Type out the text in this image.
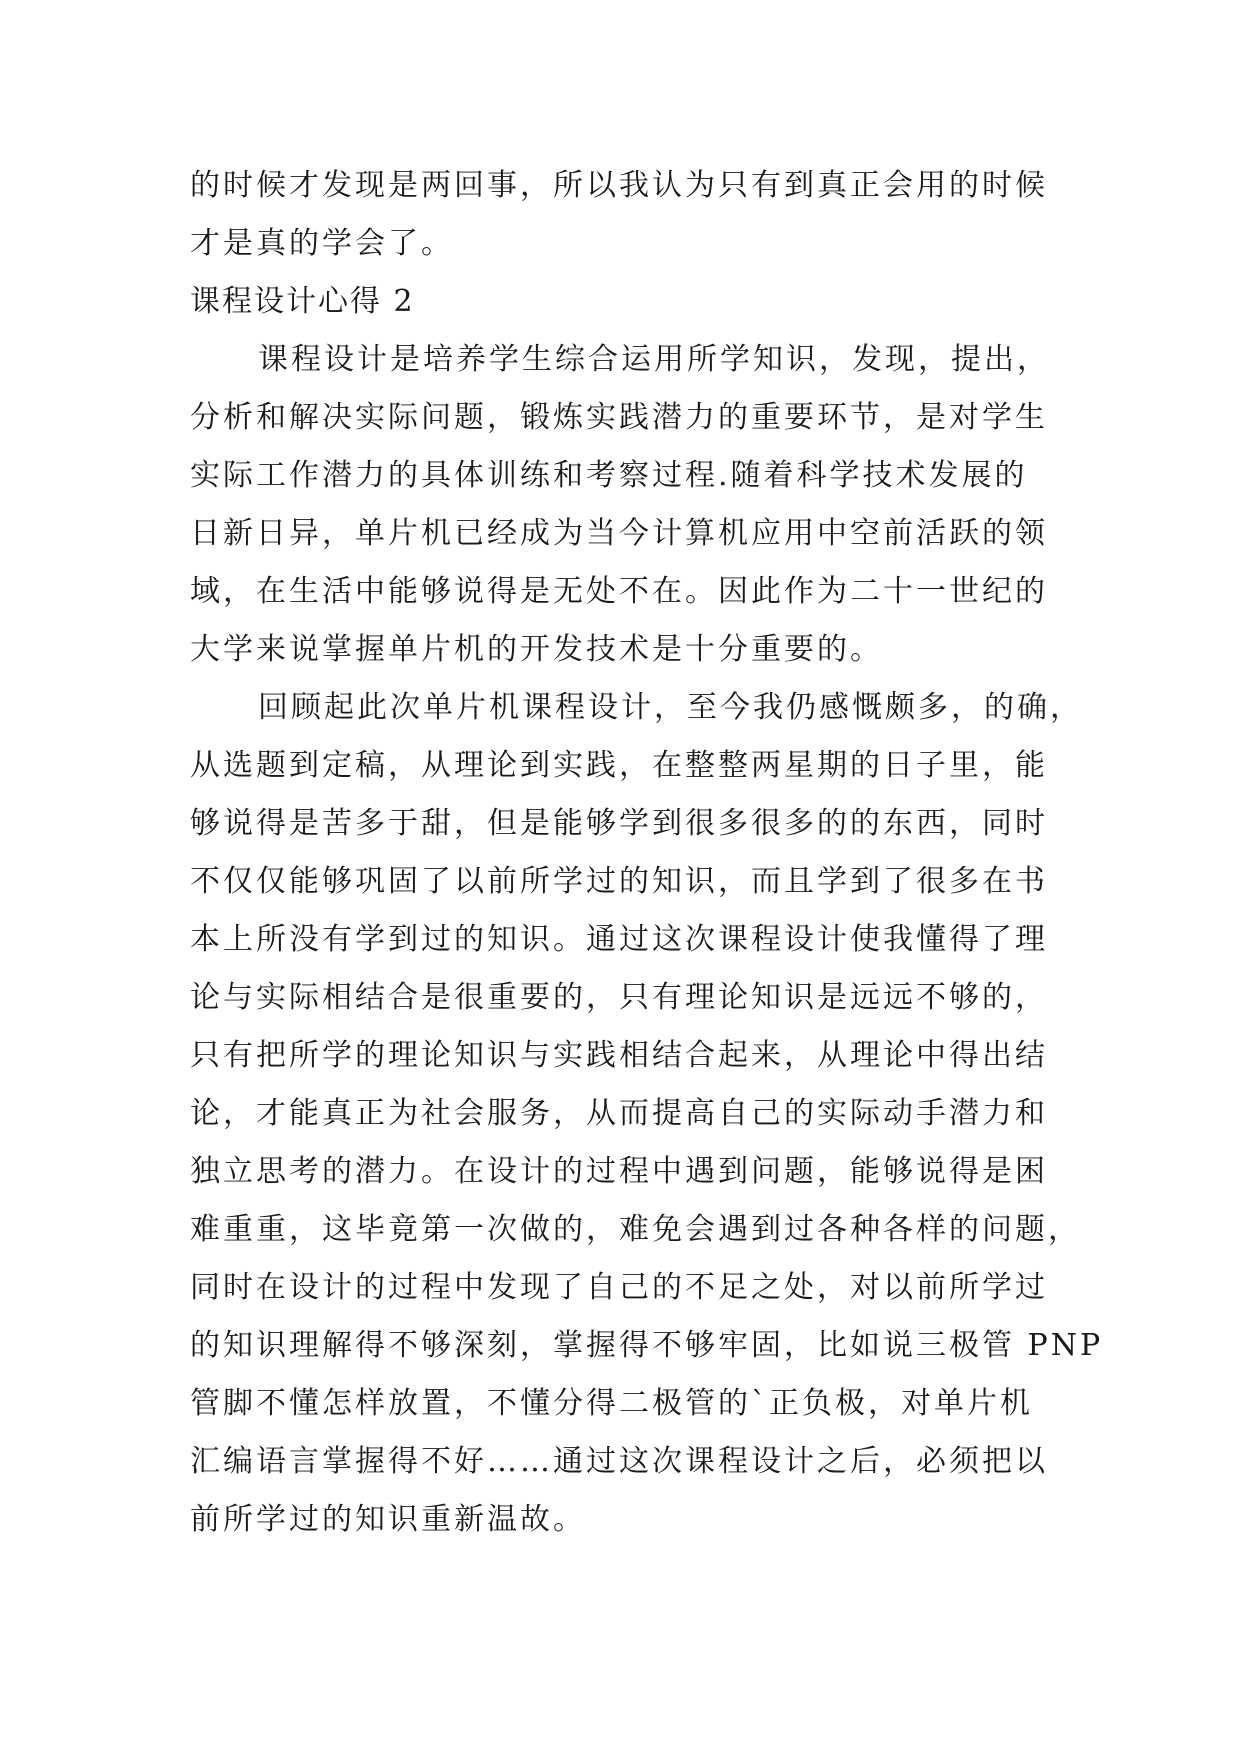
的时候才发现是两回事，所以我认为只有到真正会用的时候
才是真的学会了。
课程设计心得 2
课程设计是培养学生综合运用所学知识，发现，提出，
分析和解决实际问题，锻炼实践潜力的重要环节，是对学生
实际工作潜力的具体训练和考察过程.随着科学技术发展的
日新日异，单片机已经成为当今计算机应用中空前活跃的领
域，在生活中能够说得是无处不在。因此作为二十一世纪的
大学来说掌握单片机的开发技术是十分重要的。
回顾起此次单片机课程设计，至今我仍感慨颇多，的确，
从选题到定稿，从理论到实践，在整整两星期的日子里，能
够说得是苦多于甜，但是能够学到很多很多的的东西，同时
不仅仅能够巩固了以前所学过的知识，而且学到了很多在书
本上所没有学到过的知识。通过这次课程设计使我懂得了理
论与实际相结合是很重要的，只有理论知识是远远不够的，
只有把所学的理论知识与实践相结合起来，从理论中得出结
论，才能真正为社会服务，从而提高自己的实际动手潜力和
独立思考的潜力。在设计的过程中遇到问题，能够说得是困
难重重，这毕竟第一次做的，难免会遇到过各种各样的问题，
同时在设计的过程中发现了自己的不足之处，对以前所学过
的知识理解得不够深刻，掌握得不够牢固，比如说三极管 PNP
管脚不懂怎样放置，不懂分得二极管的`正负极，对单片机
汇编语言掌握得不好……通过这次课程设计之后，必须把以
前所学过的知识重新温故。
